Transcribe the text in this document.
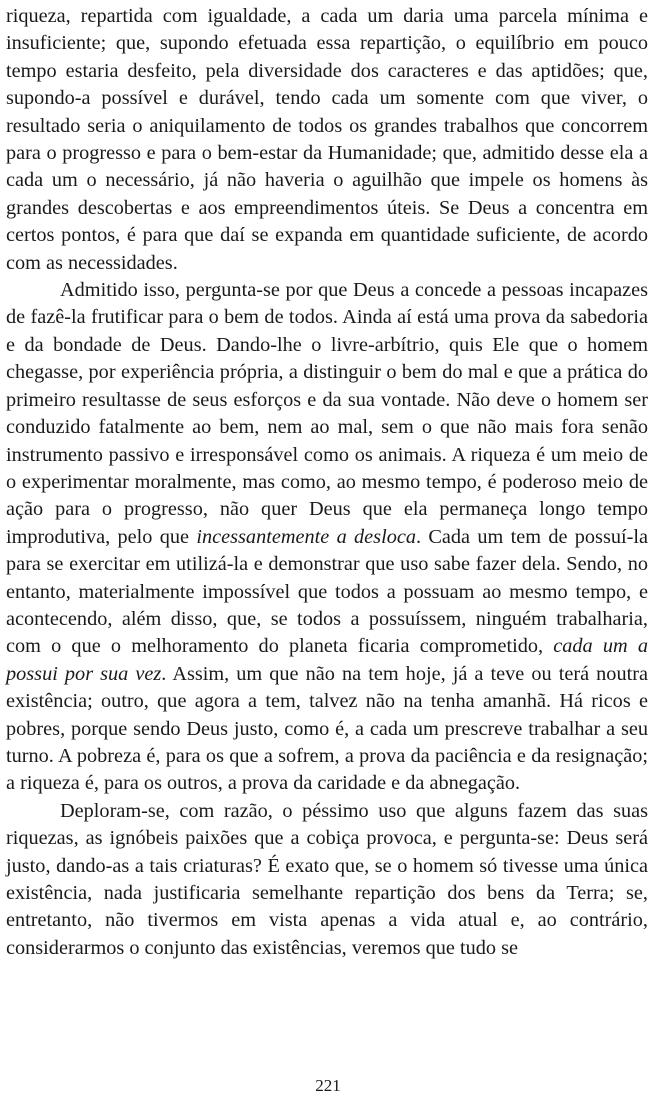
riqueza, repartida com igualdade, a cada um daria uma parcela mínima e insuficiente; que, supondo efetuada essa repartição, o equilíbrio em pouco tempo estaria desfeito, pela diversidade dos caracteres e das aptidões; que, supondo-a possível e durável, tendo cada um somente com que viver, o resultado seria o aniquilamento de todos os grandes trabalhos que concorrem para o progresso e para o bem-estar da Humanidade; que, admitido desse ela a cada um o necessário, já não haveria o aguilhão que impele os homens às grandes descobertas e aos empreendimentos úteis. Se Deus a concentra em certos pontos, é para que daí se expanda em quantidade suficiente, de acordo com as necessidades.

Admitido isso, pergunta-se por que Deus a concede a pessoas incapazes de fazê-la frutificar para o bem de todos. Ainda aí está uma prova da sabedoria e da bondade de Deus. Dando-lhe o livre-arbítrio, quis Ele que o homem chegasse, por experiência própria, a distinguir o bem do mal e que a prática do primeiro resultasse de seus esforços e da sua vontade. Não deve o homem ser conduzido fatalmente ao bem, nem ao mal, sem o que não mais fora senão instrumento passivo e irresponsável como os animais. A riqueza é um meio de o experimentar moralmente, mas como, ao mesmo tempo, é poderoso meio de ação para o progresso, não quer Deus que ela permaneça longo tempo improdutiva, pelo que incessantemente a desloca. Cada um tem de possuí-la para se exercitar em utilizá-la e demonstrar que uso sabe fazer dela. Sendo, no entanto, materialmente impossível que todos a possuam ao mesmo tempo, e acontecendo, além disso, que, se todos a possuíssem, ninguém trabalharia, com o que o melhoramento do planeta ficaria comprometido, cada um a possui por sua vez. Assim, um que não na tem hoje, já a teve ou terá noutra existência; outro, que agora a tem, talvez não na tenha amanhã. Há ricos e pobres, porque sendo Deus justo, como é, a cada um prescreve trabalhar a seu turno. A pobreza é, para os que a sofrem, a prova da paciência e da resignação; a riqueza é, para os outros, a prova da caridade e da abnegação.

Deploram-se, com razão, o péssimo uso que alguns fazem das suas riquezas, as ignóbeis paixões que a cobiça provoca, e pergunta-se: Deus será justo, dando-as a tais criaturas? É exato que, se o homem só tivesse uma única existência, nada justificaria semelhante repartição dos bens da Terra; se, entretanto, não tivermos em vista apenas a vida atual e, ao contrário, considerarmos o conjunto das existências, veremos que tudo se

221
